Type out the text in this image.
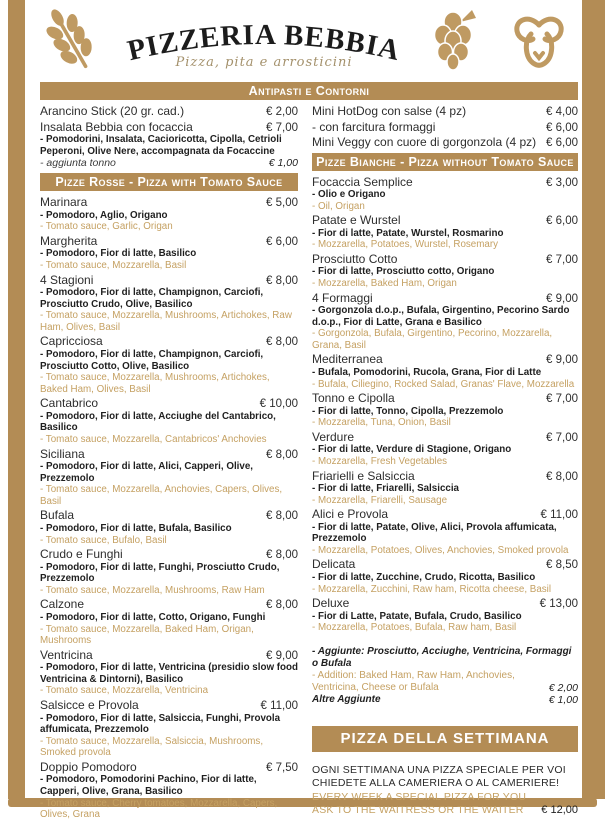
PIZZERIA BEBBIA
Pizza, pita e arrosticini
Antipasti e Contorni
Arancino Stick (20 gr. cad.)	€ 2,00
Insalata Bebbia con focaccia	€ 7,00
- Pomodorini, Insalata, Cacioricotta, Cipolla, Cetrioli Peperoni, Olive Nere, accompagnata da Focaccine
- aggiunta tonno	€ 1,00
Pizze Rosse - Pizza with Tomato Sauce
Marinara	€ 5,00
- Pomodoro, Aglio, Origano
- Tomato sauce, Garlic, Origan
Margherita	€ 6,00
- Pomodoro, Fior di latte, Basilico
- Tomato sauce, Mozzarella, Basil
4 Stagioni	€ 8,00
- Pomodoro, Fior di latte, Champignon, Carciofi, Prosciutto Crudo, Olive, Basilico
- Tomato sauce, Mozzarella, Mushrooms, Artichokes, Raw Ham, Olives, Basil
Capricciosa	€ 8,00
- Pomodoro, Fior di latte, Champignon, Carciofi, Prosciutto Cotto, Olive, Basilico
- Tomato sauce, Mozzarella, Mushrooms, Artichokes, Baked Ham, Olives, Basil
Cantabrico	€ 10,00
- Pomodoro, Fior di latte, Acciughe del Cantabrico, Basilico
- Tomato sauce, Mozzarella, Cantabricos' Anchovies
Siciliana	€ 8,00
- Pomodoro, Fior di latte, Alici, Capperi, Olive, Prezzemolo
- Tomato sauce, Mozzarella, Anchovies, Capers, Olives, Basil
Bufala	€ 8,00
- Pomodoro, Fior di latte, Bufala, Basilico
- Tomato sauce, Bufalo, Basil
Crudo e Funghi	€ 8,00
- Pomodoro, Fior di latte, Funghi, Prosciutto Crudo, Prezzemolo
- Tomato sauce, Mozzarella, Mushrooms, Raw Ham
Calzone	€ 8,00
- Pomodoro, Fior di latte, Cotto, Origano, Funghi
- Tomato sauce, Mozzarella, Baked Ham, Origan, Mushrooms
Ventricina	€ 9,00
- Pomodoro, Fior di latte, Ventricina (presidio slow food Ventricina & Dintorni), Basilico
- Tomato sauce, Mozzarella, Ventricina
Salsicce e Provola	€ 11,00
- Pomodoro, Fior di latte, Salsiccia, Funghi, Provola affumicata, Prezzemolo
- Tomato sauce, Mozzarella, Salsiccia, Mushrooms, Smoked provola
Doppio Pomodoro	€ 7,50
- Pomodoro, Pomodorini Pachino, Fior di latte, Capperi, Olive, Grana, Basilico
- Tomato sauce, Cherry tomatoes, Mozzarella, Capers, Olives, Grana
Mini HotDog con salse (4 pz)	€ 4,00
- con farcitura formaggi	€ 6,00
Mini Veggy con cuore di gorgonzola (4 pz) € 6,00
Pizze Bianche - Pizza without Tomato Sauce
Focaccia Semplice	€ 3,00
- Olio e Origano
- Oil, Origan
Patate e Wurstel	€ 6,00
- Fior di latte, Patate, Wurstel, Rosmarino
- Mozzarella, Potatoes, Wurstel, Rosemary
Prosciutto Cotto	€ 7,00
- Fior di latte, Prosciutto cotto, Origano
- Mozzarella, Baked Ham, Origan
4 Formaggi	€ 9,00
- Gorgonzola d.o.p., Bufala, Girgentino, Pecorino Sardo d.o.p., Fior di Latte, Grana e Basilico
- Gorgonzola, Bufala, Girgentino, Pecorino, Mozzarella, Grana, Basil
Mediterranea	€ 9,00
- Bufala, Pomodorini, Rucola, Grana, Fior di Latte
- Bufala, Ciliegino, Rocked Salad, Granas' Flave, Mozzarella
Tonno e Cipolla	€ 7,00
- Fior di latte, Tonno, Cipolla, Prezzemolo
- Mozzarella, Tuna, Onion, Basil
Verdure	€ 7,00
- Fior di latte, Verdure di Stagione, Origano
- Mozzarella, Fresh Vegetables
Friarielli e Salsiccia	€ 8,00
- Fior di latte, Friarelli, Salsiccia
- Mozzarella, Friarelli, Sausage
Alici e Provola	€ 11,00
- Fior di latte, Patate, Olive, Alici, Provola affumicata, Prezzemolo
- Mozzarella, Potatoes, Olives, Anchovies, Smoked provola
Delicata	€ 8,50
- Fior di latte, Zucchine, Crudo, Ricotta, Basilico
- Mozzarella, Zucchini, Raw ham, Ricotta cheese, Basil
Deluxe	€ 13,00
- Fior di Latte, Patate, Bufala, Crudo, Basilico
- Mozzarella, Potatoes, Bufala, Raw ham, Basil
- Aggiunte: Prosciutto, Acciughe, Ventricina, Formaggi o Bufala
- Addition: Baked Ham, Raw Ham, Anchovies, Ventricina, Cheese or Bufala	€ 2,00
Altre Aggiunte	€ 1,00
PIZZA DELLA SETTIMANA
OGNI SETTIMANA UNA PIZZA SPECIALE PER VOI
CHIEDETE ALLA CAMERIERA O AL CAMERIERE!
EVERY WEEK A SPECIAL PIZZA FOR YOU
ASK TO THE WAITRESS OR THE WAITER	€ 12,00
